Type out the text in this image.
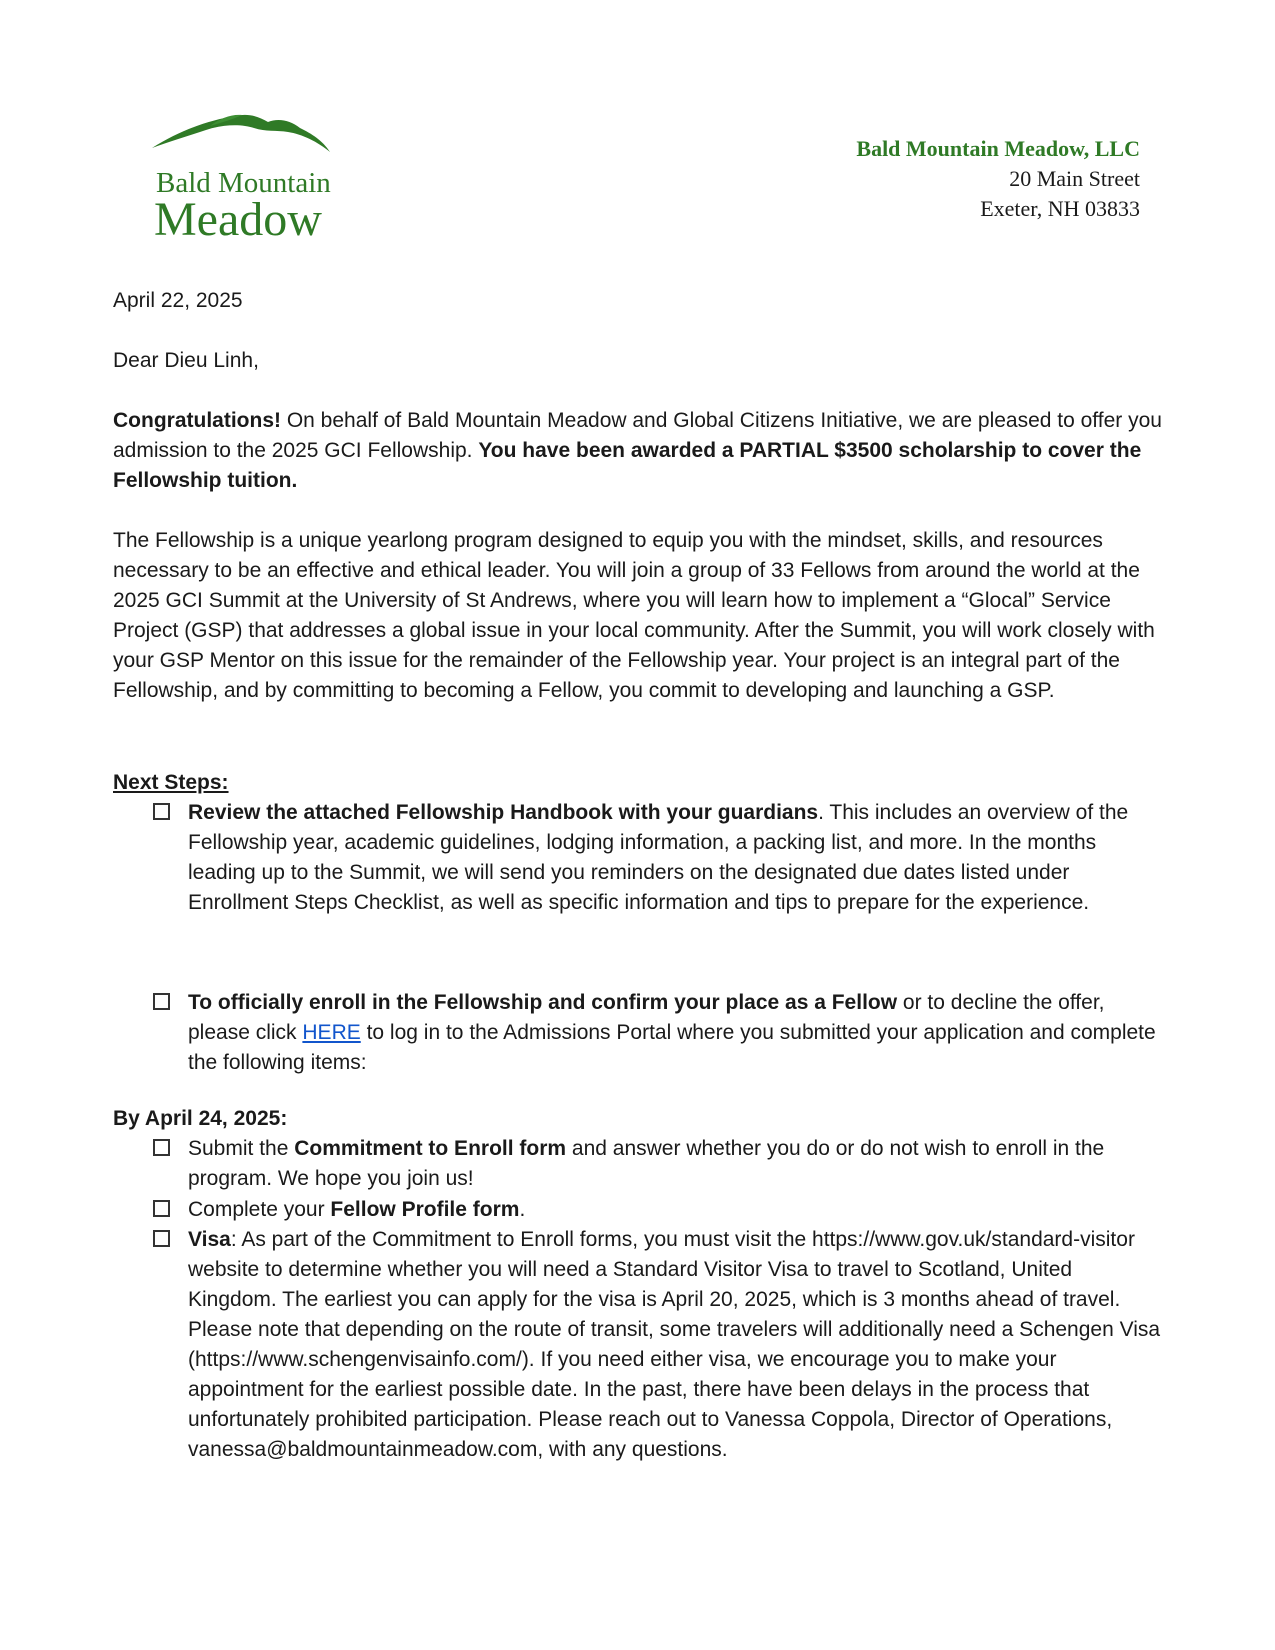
Bald Mountain
Meadow
Bald Mountain Meadow, LLC
20 Main Street
Exeter, NH 03833
April 22, 2025
Dear Dieu Linh,
Congratulations! On behalf of Bald Mountain Meadow and Global Citizens Initiative, we are pleased to offer you admission to the 2025 GCI Fellowship. You have been awarded a PARTIAL $3500 scholarship to cover the Fellowship tuition.
The Fellowship is a unique yearlong program designed to equip you with the mindset, skills, and resources necessary to be an effective and ethical leader. You will join a group of 33 Fellows from around the world at the 2025 GCI Summit at the University of St Andrews, where you will learn how to implement a “Glocal” Service Project (GSP) that addresses a global issue in your local community. After the Summit, you will work closely with your GSP Mentor on this issue for the remainder of the Fellowship year. Your project is an integral part of the Fellowship, and by committing to becoming a Fellow, you commit to developing and launching a GSP.
Next Steps:
Review the attached Fellowship Handbook with your guardians. This includes an overview of the Fellowship year, academic guidelines, lodging information, a packing list, and more. In the months leading up to the Summit, we will send you reminders on the designated due dates listed under Enrollment Steps Checklist, as well as specific information and tips to prepare for the experience.
To officially enroll in the Fellowship and confirm your place as a Fellow or to decline the offer, please click HERE to log in to the Admissions Portal where you submitted your application and complete the following items:
By April 24, 2025:
Submit the Commitment to Enroll form and answer whether you do or do not wish to enroll in the program. We hope you join us!
Complete your Fellow Profile form.
Visa: As part of the Commitment to Enroll forms, you must visit the https://www.gov.uk/standard-visitor website to determine whether you will need a Standard Visitor Visa to travel to Scotland, United Kingdom. The earliest you can apply for the visa is April 20, 2025, which is 3 months ahead of travel. Please note that depending on the route of transit, some travelers will additionally need a Schengen Visa (https://www.schengenvisainfo.com/). If you need either visa, we encourage you to make your appointment for the earliest possible date. In the past, there have been delays in the process that unfortunately prohibited participation. Please reach out to Vanessa Coppola, Director of Operations, vanessa@baldmountainmeadow.com, with any questions.
